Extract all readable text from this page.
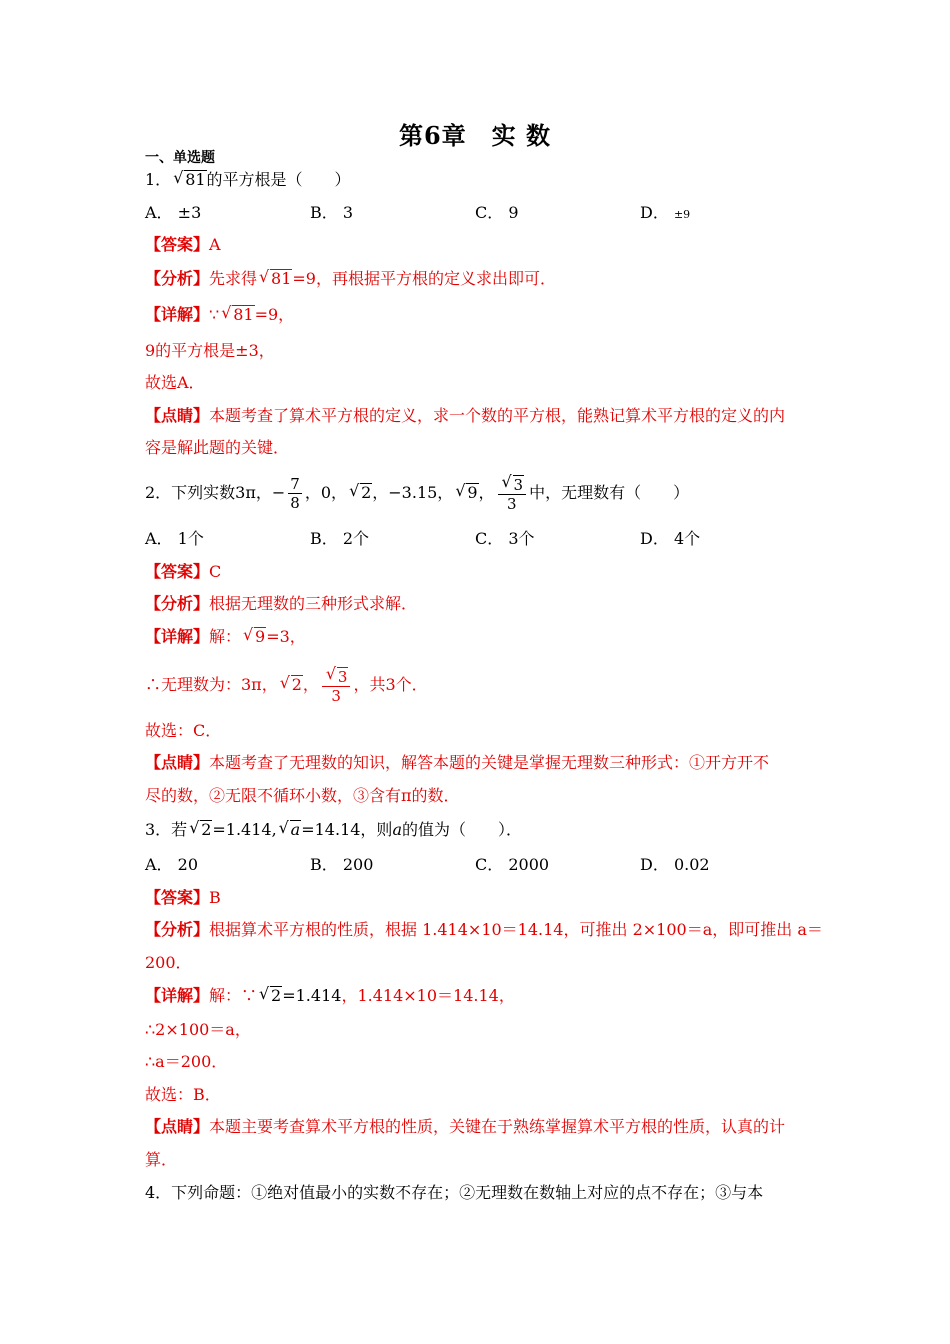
第6章　实 数
一、单选题
1． √ 81的平方根是（　　）
A． ±3	B． 3	C． 9	D． ±9
【答案】A
【分析】先求得 √ 81=9，再根据平方根的定义求出即可．
【详解】∵ √ 81=9，
9的平方根是±3，
故选A．
【点睛】本题考查了算术平方根的定义，求一个数的平方根，能熟记算术平方根的定义的内
容是解此题的关键．
2．下列实数3π，− $\frac{7}{8}$ ，0， √ 2，−3.15， √ 9， √ $\frac{3}{3}$ 中，无理数有（　　）
A． 1个	B． 2个	C． 3个	D． 4个
【答案】C
【分析】根据无理数的三种形式求解．
【详解】解： √ 9=3，
∴无理数为：3π， √ 2， √ $\frac{3}{3}$ ，共3个．
故选：C．
【点睛】本题考查了无理数的知识，解答本题的关键是掌握无理数三种形式：①开方开不
尽的数，②无限不循环小数，③含有π的数．
3．若 √ 2=1.414, √ a=14.14，则a的值为（　　）．
A． 20	B． 200	C． 2000	D． 0.02
【答案】B
【分析】根据算术平方根的性质，根据 1.414×10＝14.14，可推出 2×100＝a，即可推出 a＝
200．
【详解】解：∵ √ 2=1.414，1.414×10＝14.14，
∴2×100＝a，
∴a＝200．
故选：B．
【点睛】本题主要考查算术平方根的性质，关键在于熟练掌握算术平方根的性质，认真的计
算．
4．下列命题：①绝对值最小的实数不存在；②无理数在数轴上对应的点不存在；③与本
